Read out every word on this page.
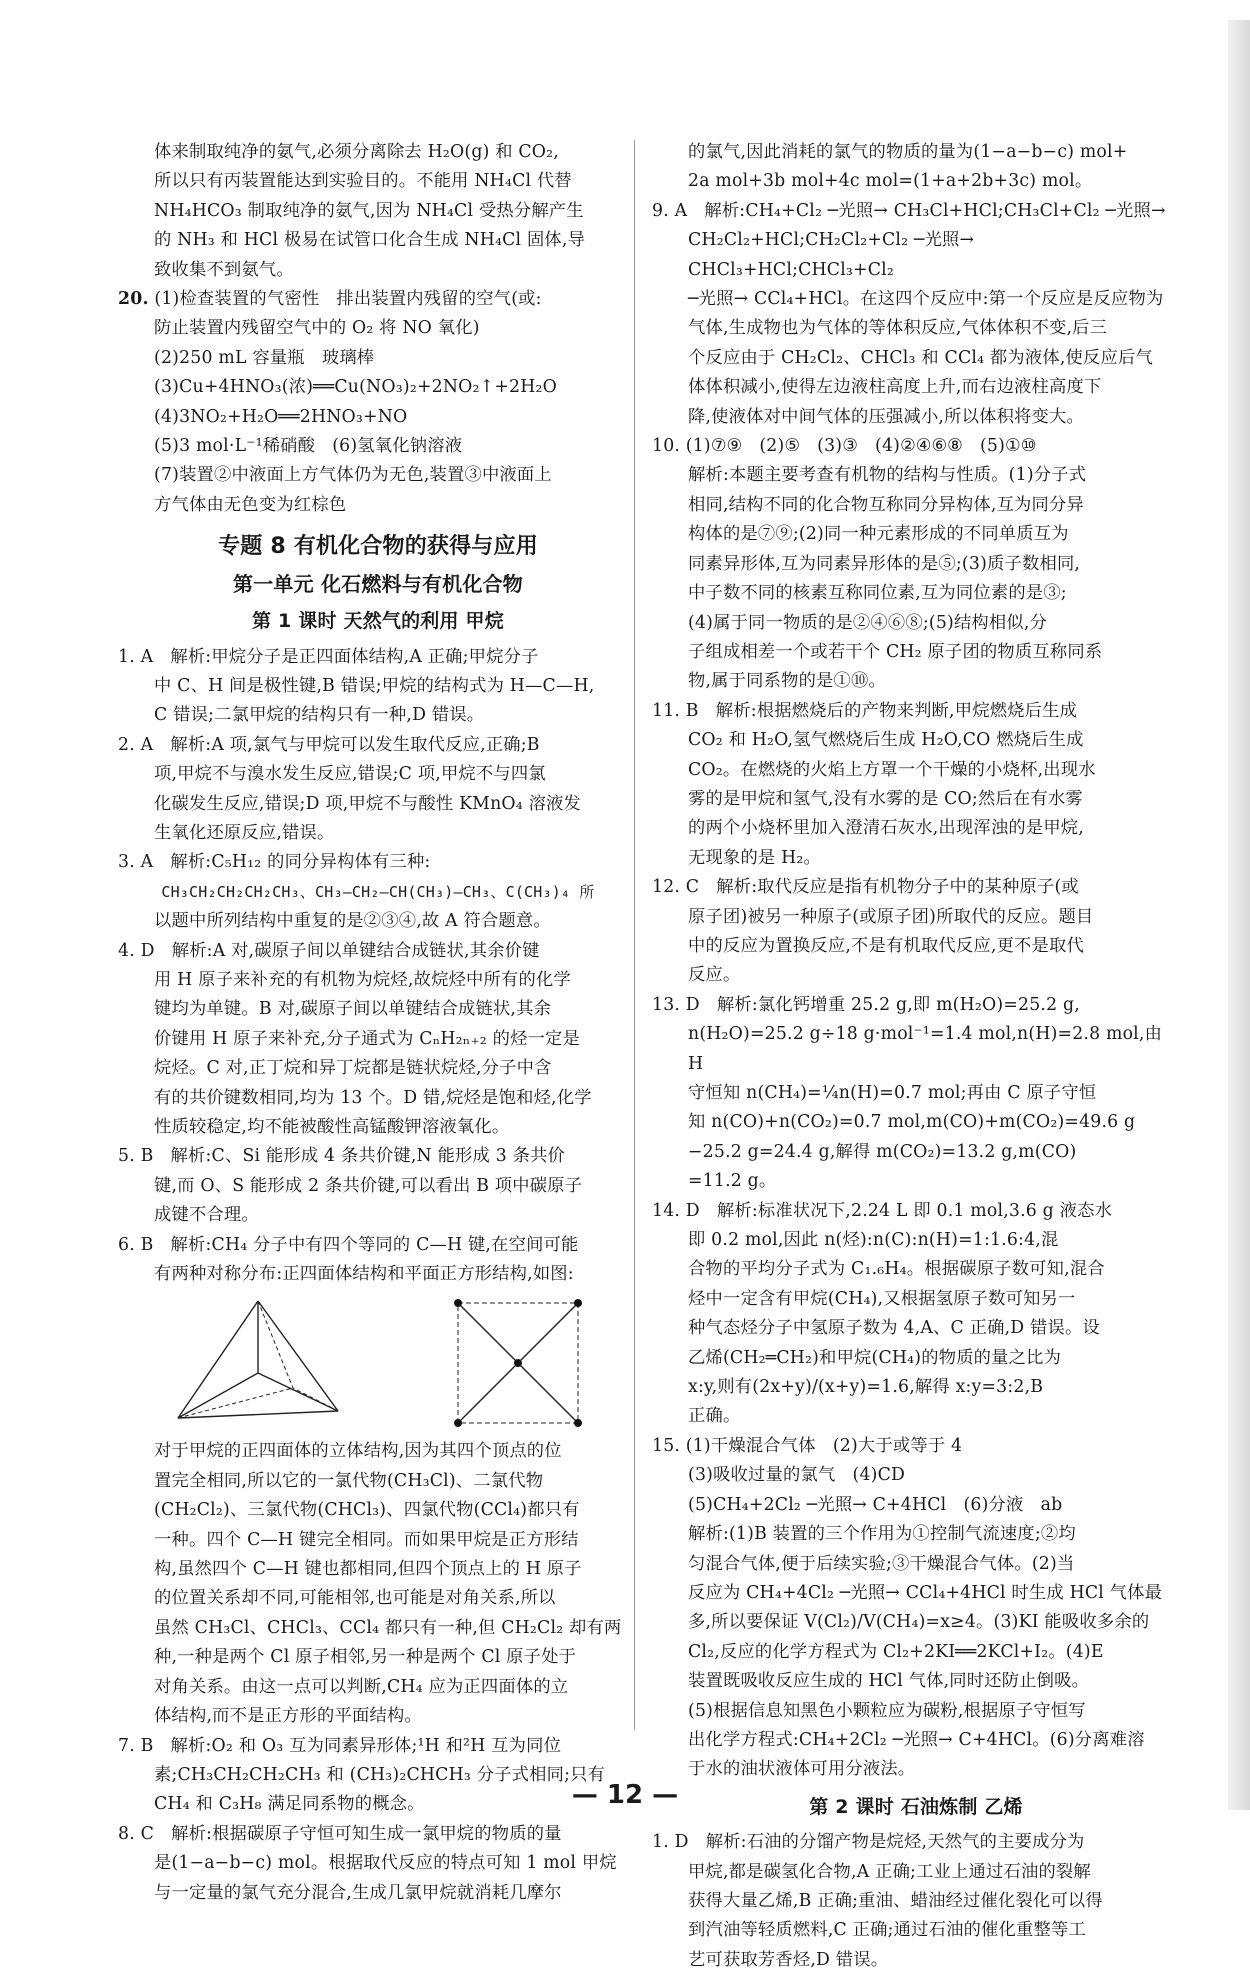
体来制取纯净的氨气,必须分离除去 H₂O(g) 和 CO₂,
所以只有丙装置能达到实验目的。不能用 NH₄Cl 代替
NH₄HCO₃ 制取纯净的氨气,因为 NH₄Cl 受热分解产生
的 NH₃ 和 HCl 极易在试管口化合生成 NH₄Cl 固体,导
致收集不到氨气。
20. (1)检查装置的气密性   排出装置内残留的空气(或:
防止装置内残留空气中的 O₂ 将 NO 氧化)
(2)250 mL 容量瓶   玻璃棒
(3)Cu+4HNO₃(浓)══Cu(NO₃)₂+2NO₂↑+2H₂O
(4)3NO₂+H₂O══2HNO₃+NO
(5)3 mol·L⁻¹稀硝酸   (6)氢氧化钠溶液
(7)装置②中液面上方气体仍为无色,装置③中液面上
方气体由无色变为红棕色
专题 8 有机化合物的获得与应用
第一单元 化石燃料与有机化合物
第 1 课时 天然气的利用 甲烷
1. A   解析:甲烷分子是正四面体结构,A 正确;甲烷分子
中 C、H 间是极性键,B 错误;甲烷的结构式为 H—C—H,
C 错误;二氯甲烷的结构只有一种,D 错误。
2. A   解析:A 项,氯气与甲烷可以发生取代反应,正确;B
项,甲烷不与溴水发生反应,错误;C 项,甲烷不与四氯
化碳发生反应,错误;D 项,甲烷不与酸性 KMnO₄ 溶液发
生氧化还原反应,错误。
3. A   解析:C₅H₁₂ 的同分异构体有三种:
CH₃CH₂CH₂CH₂CH₃、CH₃—CH₂—CH(CH₃)—CH₃、C(CH₃)₄ 所
以题中所列结构中重复的是②③④,故 A 符合题意。
4. D   解析:A 对,碳原子间以单键结合成链状,其余价键
用 H 原子来补充的有机物为烷烃,故烷烃中所有的化学
键均为单键。B 对,碳原子间以单键结合成链状,其余
价键用 H 原子来补充,分子通式为 CₙH₂ₙ₊₂ 的烃一定是
烷烃。C 对,正丁烷和异丁烷都是链状烷烃,分子中含
有的共价键数相同,均为 13 个。D 错,烷烃是饱和烃,化学
性质较稳定,均不能被酸性高锰酸钾溶液氧化。
5. B   解析:C、Si 能形成 4 条共价键,N 能形成 3 条共价
键,而 O、S 能形成 2 条共价键,可以看出 B 项中碳原子
成键不合理。
6. B   解析:CH₄ 分子中有四个等同的 C—H 键,在空间可能
有两种对称分布:正四面体结构和平面正方形结构,如图:
对于甲烷的正四面体的立体结构,因为其四个顶点的位
置完全相同,所以它的一氯代物(CH₃Cl)、二氯代物
(CH₂Cl₂)、三氯代物(CHCl₃)、四氯代物(CCl₄)都只有
一种。四个 C—H 键完全相同。而如果甲烷是正方形结
构,虽然四个 C—H 键也都相同,但四个顶点上的 H 原子
的位置关系却不同,可能相邻,也可能是对角关系,所以
虽然 CH₃Cl、CHCl₃、CCl₄ 都只有一种,但 CH₂Cl₂ 却有两
种,一种是两个 Cl 原子相邻,另一种是两个 Cl 原子处于
对角关系。由这一点可以判断,CH₄ 应为正四面体的立
体结构,而不是正方形的平面结构。
7. B   解析:O₂ 和 O₃ 互为同素异形体;¹H 和²H 互为同位
素;CH₃CH₂CH₂CH₃ 和 (CH₃)₂CHCH₃ 分子式相同;只有
CH₄ 和 C₃H₈ 满足同系物的概念。
8. C   解析:根据碳原子守恒可知生成一氯甲烷的物质的量
是(1−a−b−c) mol。根据取代反应的特点可知 1 mol 甲烷
与一定量的氯气充分混合,生成几氯甲烷就消耗几摩尔
的氯气,因此消耗的氯气的物质的量为(1−a−b−c) mol+
2a mol+3b mol+4c mol=(1+a+2b+3c) mol。
9. A   解析:CH₄+Cl₂ ─光照→ CH₃Cl+HCl;CH₃Cl+Cl₂ ─光照→
CH₂Cl₂+HCl;CH₂Cl₂+Cl₂ ─光照→ CHCl₃+HCl;CHCl₃+Cl₂
─光照→ CCl₄+HCl。在这四个反应中:第一个反应是反应物为
气体,生成物也为气体的等体积反应,气体体积不变,后三
个反应由于 CH₂Cl₂、CHCl₃ 和 CCl₄ 都为液体,使反应后气
体体积减小,使得左边液柱高度上升,而右边液柱高度下
降,使液体对中间气体的压强减小,所以体积将变大。
10. (1)⑦⑨   (2)⑤   (3)③   (4)②④⑥⑧   (5)①⑩
解析:本题主要考查有机物的结构与性质。(1)分子式
相同,结构不同的化合物互称同分异构体,互为同分异
构体的是⑦⑨;(2)同一种元素形成的不同单质互为
同素异形体,互为同素异形体的是⑤;(3)质子数相同,
中子数不同的核素互称同位素,互为同位素的是③;
(4)属于同一物质的是②④⑥⑧;(5)结构相似,分
子组成相差一个或若干个 CH₂ 原子团的物质互称同系
物,属于同系物的是①⑩。
11. B   解析:根据燃烧后的产物来判断,甲烷燃烧后生成
CO₂ 和 H₂O,氢气燃烧后生成 H₂O,CO 燃烧后生成
CO₂。在燃烧的火焰上方罩一个干燥的小烧杯,出现水
雾的是甲烷和氢气,没有水雾的是 CO;然后在有水雾
的两个小烧杯里加入澄清石灰水,出现浑浊的是甲烷,
无现象的是 H₂。
12. C   解析:取代反应是指有机物分子中的某种原子(或
原子团)被另一种原子(或原子团)所取代的反应。题目
中的反应为置换反应,不是有机取代反应,更不是取代
反应。
13. D   解析:氯化钙增重 25.2 g,即 m(H₂O)=25.2 g,
n(H₂O)=25.2 g÷18 g·mol⁻¹=1.4 mol,n(H)=2.8 mol,由 H
守恒知 n(CH₄)=¼n(H)=0.7 mol;再由 C 原子守恒
知 n(CO)+n(CO₂)=0.7 mol,m(CO)+m(CO₂)=49.6 g
−25.2 g=24.4 g,解得 m(CO₂)=13.2 g,m(CO)
=11.2 g。
14. D   解析:标准状况下,2.24 L 即 0.1 mol,3.6 g 液态水
即 0.2 mol,因此 n(烃):n(C):n(H)=1:1.6:4,混
合物的平均分子式为 C₁.₆H₄。根据碳原子数可知,混合
烃中一定含有甲烷(CH₄),又根据氢原子数可知另一
种气态烃分子中氢原子数为 4,A、C 正确,D 错误。设
乙烯(CH₂═CH₂)和甲烷(CH₄)的物质的量之比为
x:y,则有(2x+y)/(x+y)=1.6,解得 x:y=3:2,B
正确。
15. (1)干燥混合气体   (2)大于或等于 4
(3)吸收过量的氯气   (4)CD
(5)CH₄+2Cl₂ ─光照→ C+4HCl   (6)分液   ab
解析:(1)B 装置的三个作用为①控制气流速度;②均
匀混合气体,便于后续实验;③干燥混合气体。(2)当
反应为 CH₄+4Cl₂ ─光照→ CCl₄+4HCl 时生成 HCl 气体最
多,所以要保证 V(Cl₂)/V(CH₄)=x≥4。(3)KI 能吸收多余的
Cl₂,反应的化学方程式为 Cl₂+2KI══2KCl+I₂。(4)E
装置既吸收反应生成的 HCl 气体,同时还防止倒吸。
(5)根据信息知黑色小颗粒应为碳粉,根据原子守恒写
出化学方程式:CH₄+2Cl₂ ─光照→ C+4HCl。(6)分离难溶
于水的油状液体可用分液法。
第 2 课时 石油炼制 乙烯
1. D   解析:石油的分馏产物是烷烃,天然气的主要成分为
甲烷,都是碳氢化合物,A 正确;工业上通过石油的裂解
获得大量乙烯,B 正确;重油、蜡油经过催化裂化可以得
到汽油等轻质燃料,C 正确;通过石油的催化重整等工
艺可获取芳香烃,D 错误。
— 12 —
